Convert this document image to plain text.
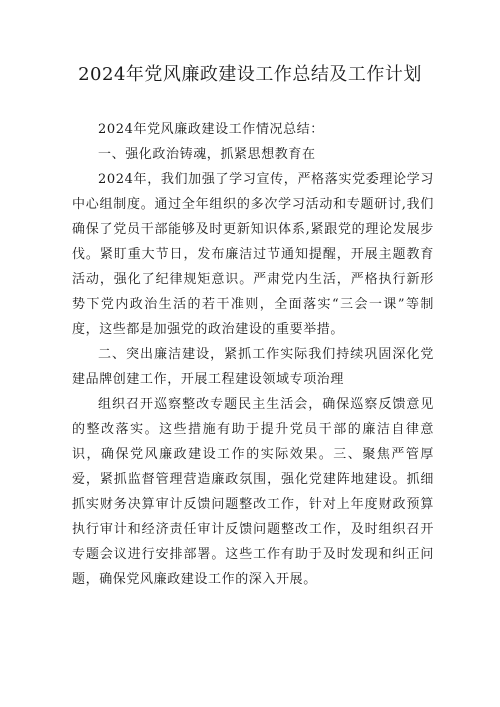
2024年党风廉政建设工作总结及工作计划

2024年党风廉政建设工作情况总结：

一、强化政治铸魂，抓紧思想教育在

2024年，我们加强了学习宣传，严格落实党委理论学习中心组制度。通过全年组织的多次学习活动和专题研讨,我们确保了党员干部能够及时更新知识体系,紧跟党的理论发展步伐。紧盯重大节日，发布廉洁过节通知提醒，开展主题教育活动，强化了纪律规矩意识。严肃党内生活，严格执行新形势下党内政治生活的若干准则，全面落实“三会一课”等制度，这些都是加强党的政治建设的重要举措。

二、突出廉洁建设，紧抓工作实际我们持续巩固深化党建品牌创建工作，开展工程建设领域专项治理

组织召开巡察整改专题民主生活会，确保巡察反馈意见的整改落实。这些措施有助于提升党员干部的廉洁自律意识，确保党风廉政建设工作的实际效果。三、聚焦严管厚爱，紧抓监督管理营造廉政氛围，强化党建阵地建设。抓细抓实财务决算审计反馈问题整改工作，针对上年度财政预算执行审计和经济责任审计反馈问题整改工作，及时组织召开专题会议进行安排部署。这些工作有助于及时发现和纠正问题，确保党风廉政建设工作的深入开展。
